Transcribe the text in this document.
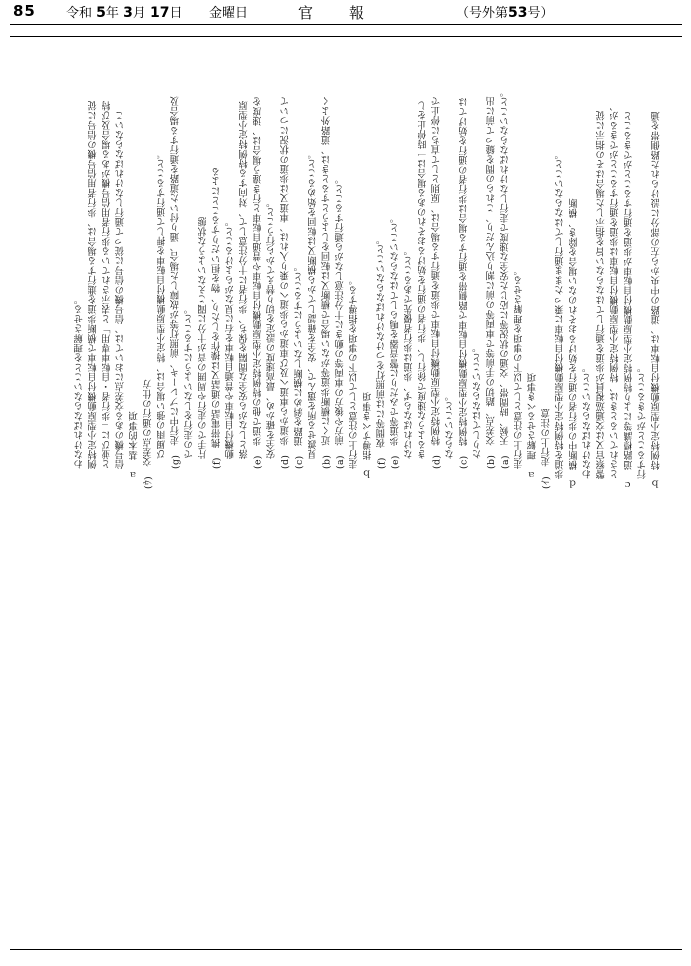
85 令和 5年 3月 17日 金曜日	官　　報	（号外第53号）
ｂ　特例特定小型原動機付自転車は、道路の中央から左の部分に設けられた路側帯を通
行することができること。
ｃ　道路標識等により特例特定小型原動機付自転車が歩道を通行することができること
とされているときは、特例特定小型原動機付自転車は歩道を通行することができるが、
警察官又は交通巡視員が歩道を通行してはならない旨を指示した場合はその指示に従
わなければならないこと。
ｄ　横断中の歩行者の通行を妨げるおそれのない場合を除き、横断
歩道を特例特定小型原動機付自転車に乗ったまま通行してはならないこと。
(ｲ)　走行上の注意
ａ　理解させるべき事項
走行上の注意として以下の事項を理解させる。
(a)　天候、時間帯、交通の状況等に応じた安全な速度で走行しなければならないこと。
(b)　交差点、踏切の手前等で車両等の前に割り込んだり、これらの間を縫って前に出
たりしてはならないこと。
(c)　特例特定小型原動機付自転車で路側帯を通行する場合は歩行者の通行を妨げては
ならないこと。
(d)　特例特定小型原動機付自転車で歩道を通行する場合は、原則として直ちに停止で
きるような速度で徐行し、歩行者の通行を妨げるおそれのある場合は一時停止をし
なければならず、歩道は歩行者優先であること。
(e)　歩道等でみだりに警音器を鳴らしてはならないこと。
(f)　夜間等には前照灯をつけなければならないこと。
ｂ　指導すべき事項
走行上の注意として以下の事項を指導する。
(a)　前方や後方の車両等の動きに十分注意しながら通行すること。
(b)　近くに横断歩道等がない場合で横断又は転回をしようとするときは、道路外よく
見渡せる所を選んで、安全を確認してから横断又は転回を始めること。
(c)　道路を斜めに横断しないようにすること。
(d)　歩道から車道へ及び車道から歩道への乗り入れは、車道又は歩道の状況について
安全を確かめ、最高速度の設定を切り替えてから行うこと。
(e)　歩道で他の特例特定小型原動機付自転車や普通自転車と行き違う場合は、速度を
落としながら安全な間隔を保ち、歩行者に十分注意して、対向する特例特定小型原
動機付自転車や普通自転車を右に見ながらよけること。
(f)　携帯電話の通話又は操作をしたり、物を担いだりすることによる
片手での走行や周囲の音が十分に聞こえないような状態
での走行をしないようにすること。
(g)　走行中にブレーキ、前照灯等が故障した場合、通り付いた道路を通行する場合及
び風雨の強い場合は、特定小型原動機付自転車を押して通行すること。
(ｳ)　交差点の通行の仕方
ａ　基本的事項
信号機のある交差点においては、信号機の信号に従って通行しなければならないこ
と並びに「歩行者・自転車専用」と表示されている歩行者用信号機がある場合及び特
例特定小型原動機付自転車で横断歩道を進行する場合は、歩行者用信号機の信号に従
わなければならないことを理解させる。
